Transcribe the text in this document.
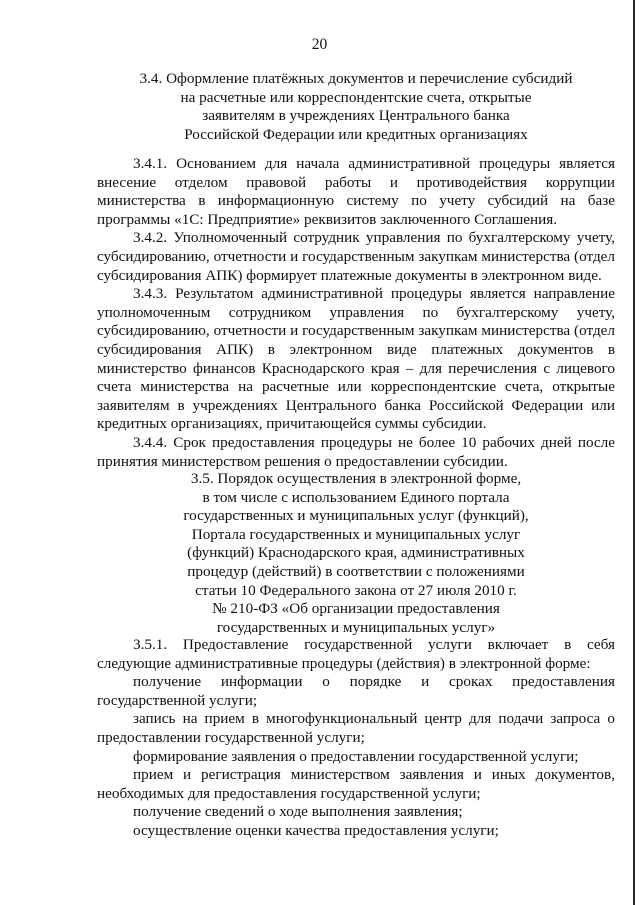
20
3.4. Оформление платёжных документов и перечисление субсидий
на расчетные или корреспондентские счета, открытые
заявителям в учреждениях Центрального банка
Российской Федерации или кредитных организациях

3.4.1. Основанием для начала административной процедуры является внесение отделом правовой работы и противодействия коррупции министерства в информационную систему по учету субсидий на базе программы «1С: Предприятие» реквизитов заключенного Соглашения.

3.4.2. Уполномоченный сотрудник управления по бухгалтерскому учету, субсидированию, отчетности и государственным закупкам министерства (отдел субсидирования АПК) формирует платежные документы в электронном виде.

3.4.3. Результатом административной процедуры является направление уполномоченным сотрудником управления по бухгалтерскому учету, субсидированию, отчетности и государственным закупкам министерства (отдел субсидирования АПК) в электронном виде платежных документов в министерство финансов Краснодарского края – для перечисления с лицевого счета министерства на расчетные или корреспондентские счета, открытые заявителям в учреждениях Центрального банка Российской Федерации или кредитных организациях, причитающейся суммы субсидии.

3.4.4. Срок предоставления процедуры не более 10 рабочих дней после принятия министерством решения о предоставлении субсидии.

3.5. Порядок осуществления в электронной форме,
в том числе с использованием Единого портала
государственных и муниципальных услуг (функций),
Портала государственных и муниципальных услуг
(функций) Краснодарского края, административных
процедур (действий) в соответствии с положениями
статьи 10 Федерального закона от 27 июля 2010 г.
№ 210-ФЗ «Об организации предоставления
государственных и муниципальных услуг»

3.5.1. Предоставление государственной услуги включает в себя следующие административные процедуры (действия) в электронной форме:

получение информации о порядке и сроках предоставления государственной услуги;

запись на прием в многофункциональный центр для подачи запроса о предоставлении государственной услуги;

формирование заявления о предоставлении государственной услуги;

прием и регистрация министерством заявления и иных документов, необходимых для предоставления государственной услуги;

получение сведений о ходе выполнения заявления;

осуществление оценки качества предоставления услуги;
